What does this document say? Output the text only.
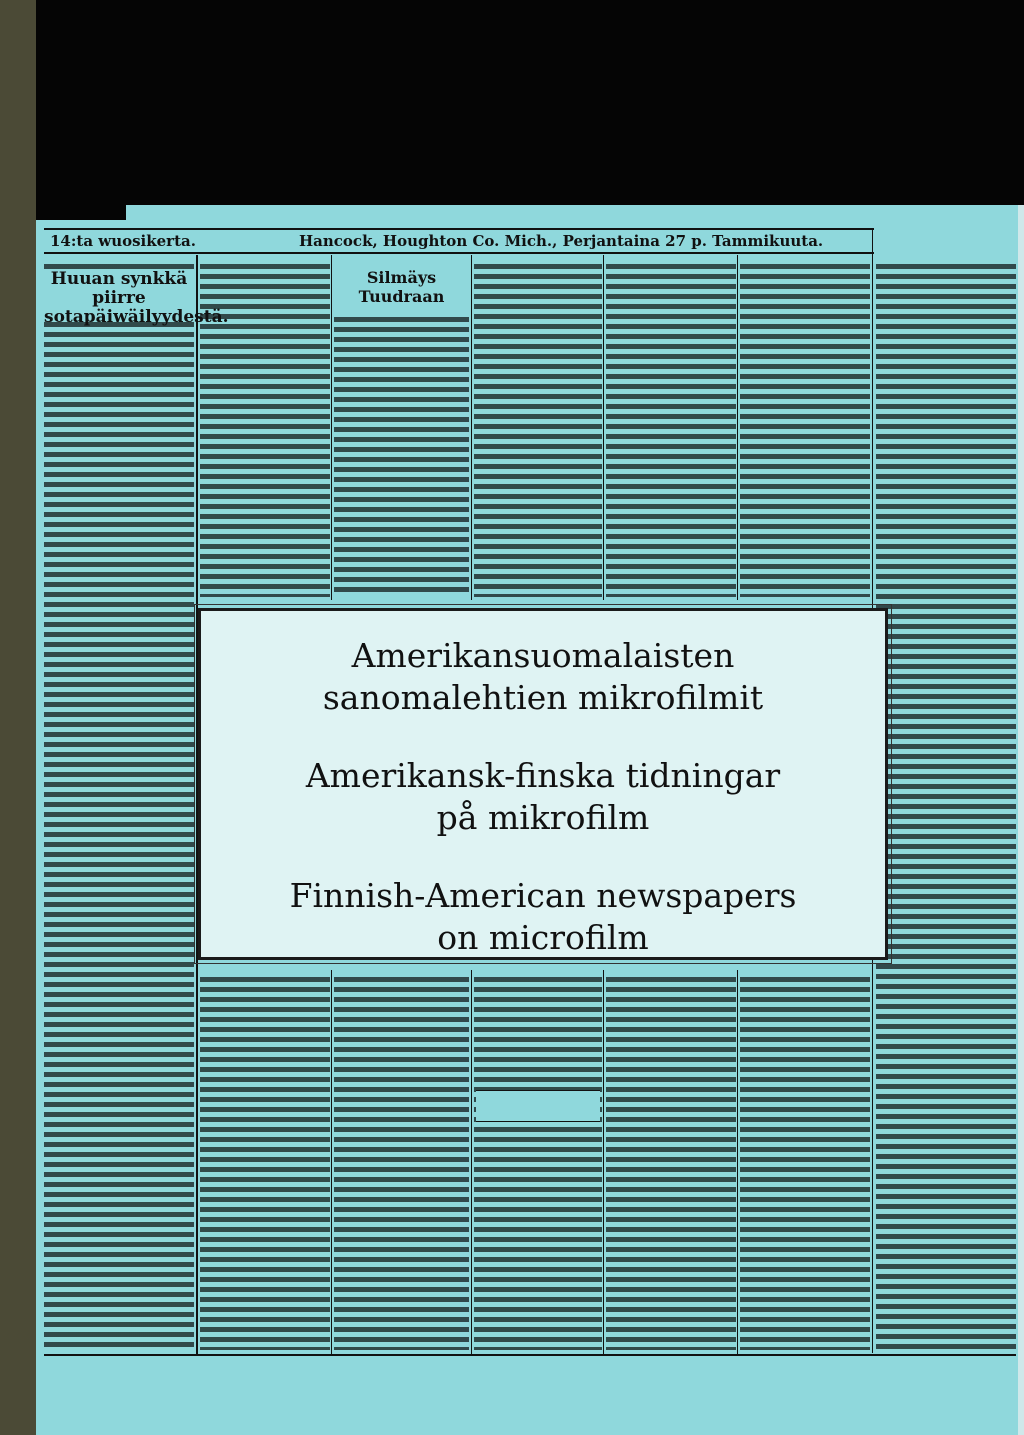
14:ta wuosikerta.	Hancock, Houghton Co. Mich., Perjantaina 27 p. Tammikuuta.
Huuan synkkä piirre sotapäiwäilyydestä.
Silmäys Tuudraan
Amerikansuomalaisten
sanomalehtien mikrofilmit
Amerikansk-finska tidningar
på mikrofilm
Finnish-American newspapers
on microfilm
